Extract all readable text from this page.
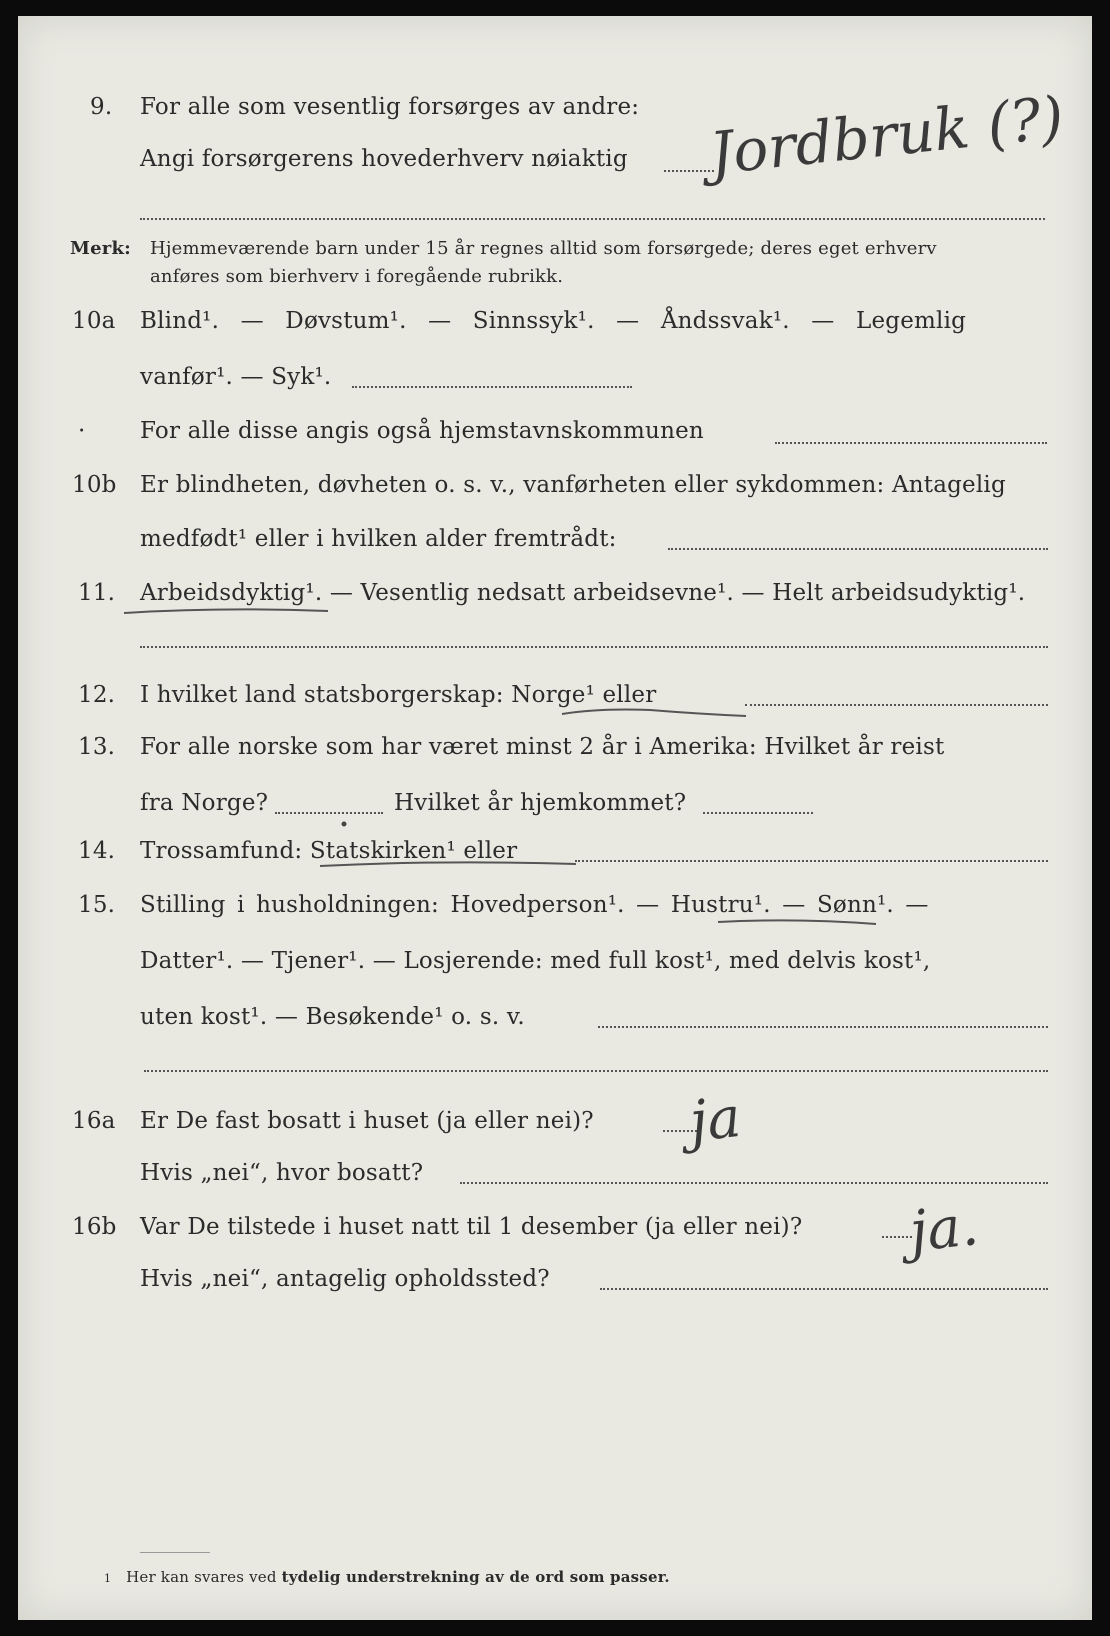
9. For alle som vesentlig forsørges av andre:
Angi forsørgerens hovederhverv nøiaktig Jordbruk (?)
Merk: Hjemmeværende barn under 15 år regnes alltid som forsørgede; deres eget erhverv
anføres som bierhverv i foregående rubrikk.
10a Blind¹. — Døvstum¹. — Sinnssyk¹. — Åndssvak¹. — Legemlig
vanfør¹. — Syk¹.
· For alle disse angis også hjemstavnskommunen
10b Er blindheten, døvheten o. s. v., vanførheten eller sykdommen: Antagelig
medfødt¹ eller i hvilken alder fremtrådt:
11. Arbeidsdyktig¹. — Vesentlig nedsatt arbeidsevne¹. — Helt arbeidsudyktig¹.
12. I hvilket land statsborgerskap: Norge¹ eller
13. For alle norske som har været minst 2 år i Amerika: Hvilket år reist
fra Norge?	Hvilket år hjemkommet?
14. Trossamfund: Statskirken¹ eller
15. Stilling i husholdningen: Hovedperson¹. — Hustru¹. — Sønn¹. —
Datter¹. — Tjener¹. — Losjerende: med full kost¹, med delvis kost¹,
uten kost¹. — Besøkende¹ o. s. v.
16a Er De fast bosatt i huset (ja eller nei)? ja
Hvis „nei“, hvor bosatt?
16b Var De tilstede i huset natt til 1 desember (ja eller nei)? ja.
Hvis „nei“, antagelig opholdssted?
1 Her kan svares ved tydelig understrekning av de ord som passer.
